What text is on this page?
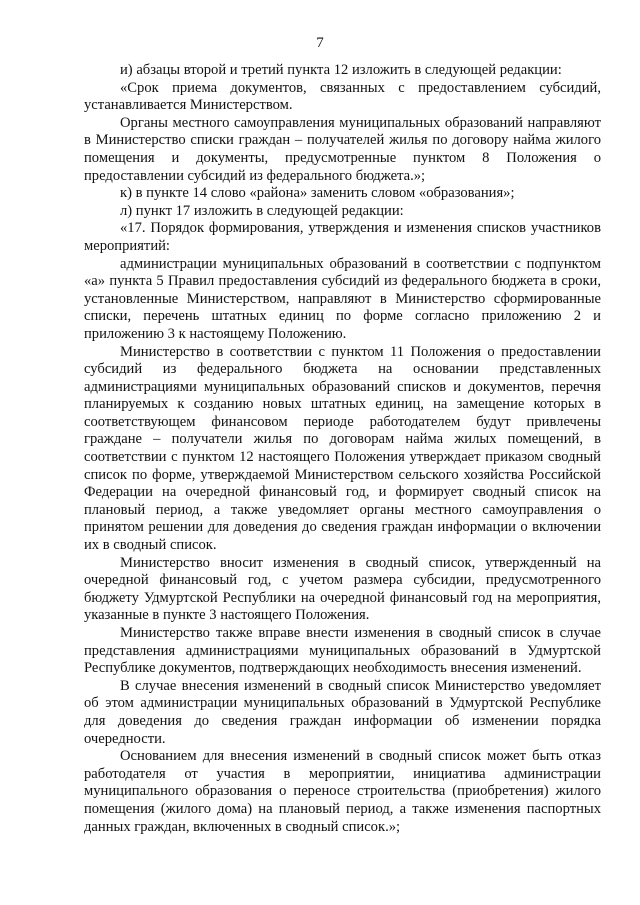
7

и) абзацы второй и третий пункта 12 изложить в следующей редакции:

«Срок приема документов, связанных с предоставлением субсидий, устанавливается Министерством.

Органы местного самоуправления муниципальных образований направляют в Министерство списки граждан – получателей жилья по договору найма жилого помещения и документы, предусмотренные пунктом 8 Положения о предоставлении субсидий из федерального бюджета.»;

к) в пункте 14 слово «района» заменить словом «образования»;

л) пункт 17 изложить в следующей редакции:

«17. Порядок формирования, утверждения и изменения списков участников мероприятий:

администрации муниципальных образований в соответствии с подпунктом «а» пункта 5 Правил предоставления субсидий из федерального бюджета в сроки, установленные Министерством, направляют в Министерство сформированные списки, перечень штатных единиц по форме согласно приложению 2 и приложению 3 к настоящему Положению.

Министерство в соответствии с пунктом 11 Положения о предоставлении субсидий из федерального бюджета на основании представленных администрациями муниципальных образований списков и документов, перечня планируемых к созданию новых штатных единиц, на замещение которых в соответствующем финансовом периоде работодателем будут привлечены граждане – получатели жилья по договорам найма жилых помещений, в соответствии с пунктом 12 настоящего Положения утверждает приказом сводный список по форме, утверждаемой Министерством сельского хозяйства Российской Федерации на очередной финансовый год, и формирует сводный список на плановый период, а также уведомляет органы местного самоуправления о принятом решении для доведения до сведения граждан информации о включении их в сводный список.

Министерство вносит изменения в сводный список, утвержденный на очередной финансовый год, с учетом размера субсидии, предусмотренного бюджету Удмуртской Республики на очередной финансовый год на мероприятия, указанные в пункте 3 настоящего Положения.

Министерство также вправе внести изменения в сводный список в случае представления администрациями муниципальных образований в Удмуртской Республике документов, подтверждающих необходимость внесения изменений.

В случае внесения изменений в сводный список Министерство уведомляет об этом администрации муниципальных образований в Удмуртской Республике для доведения до сведения граждан информации об изменении порядка очередности.

Основанием для внесения изменений в сводный список может быть отказ работодателя от участия в мероприятии, инициатива администрации муниципального образования о переносе строительства (приобретения) жилого помещения (жилого дома) на плановый период, а также изменения паспортных данных граждан, включенных в сводный список.»;
